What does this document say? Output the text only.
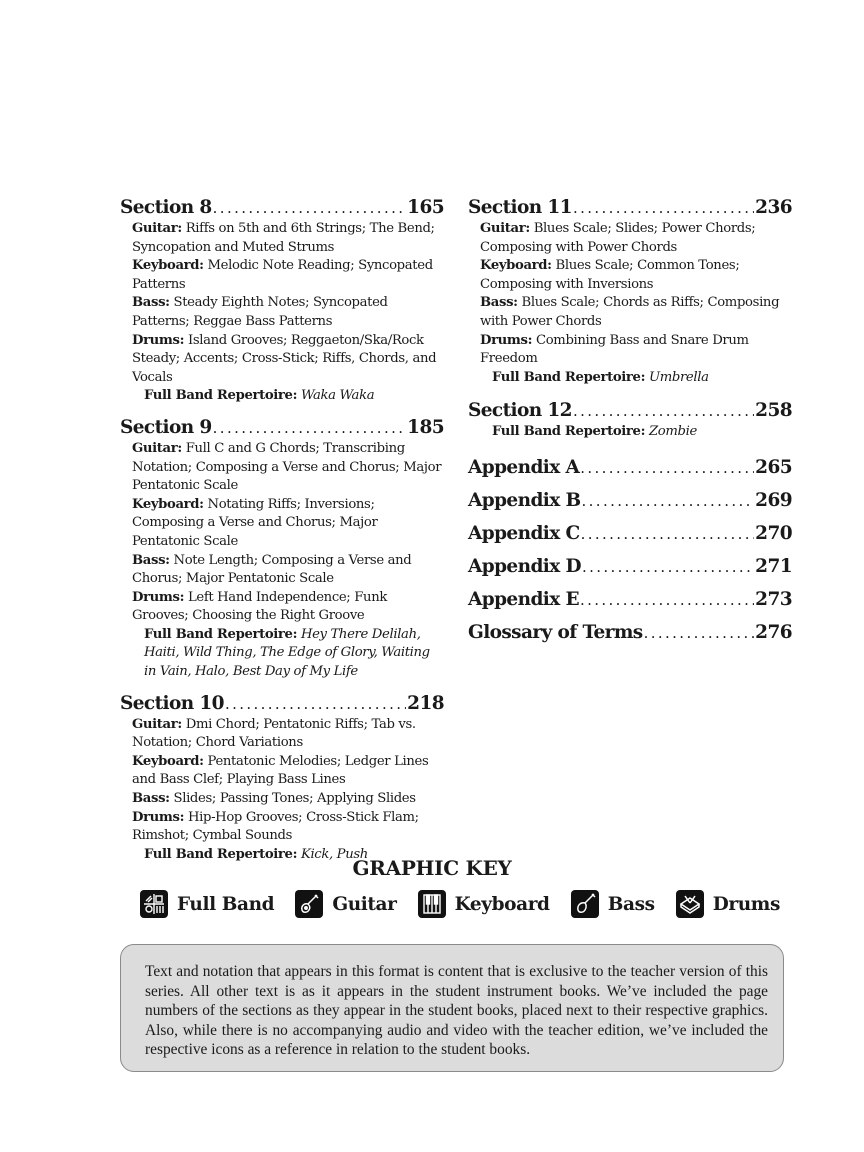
Section 8 . . .	165
Guitar: Riffs on 5th and 6th Strings; The Bend; Syncopation and Muted Strums
Keyboard: Melodic Note Reading; Syncopated Patterns
Bass: Steady Eighth Notes; Syncopated Patterns; Reggae Bass Patterns
Drums: Island Grooves; Reggaeton/Ska/Rock Steady; Accents; Cross-Stick; Riffs, Chords, and Vocals
Full Band Repertoire: Waka Waka
Section 9 . . .	185
Guitar: Full C and G Chords; Transcribing Notation; Composing a Verse and Chorus; Major Pentatonic Scale
Keyboard: Notating Riffs; Inversions; Composing a Verse and Chorus; Major Pentatonic Scale
Bass: Note Length; Composing a Verse and Chorus; Major Pentatonic Scale
Drums: Left Hand Independence; Funk Grooves; Choosing the Right Groove
Full Band Repertoire: Hey There Delilah, Haiti, Wild Thing, The Edge of Glory, Waiting in Vain, Halo, Best Day of My Life
Section 10 . . .	218
Guitar: Dmi Chord; Pentatonic Riffs; Tab vs. Notation; Chord Variations
Keyboard: Pentatonic Melodies; Ledger Lines and Bass Clef; Playing Bass Lines
Bass: Slides; Passing Tones; Applying Slides
Drums: Hip-Hop Grooves; Cross-Stick Flam; Rimshot; Cymbal Sounds
Full Band Repertoire: Kick, Push
Section 11 . . .	236
Guitar: Blues Scale; Slides; Power Chords; Composing with Power Chords
Keyboard: Blues Scale; Common Tones; Composing with Inversions
Bass: Blues Scale; Chords as Riffs; Composing with Power Chords
Drums: Combining Bass and Snare Drum Freedom
Full Band Repertoire: Umbrella
Section 12 . . .	258
Full Band Repertoire: Zombie
Appendix A . . .	265
Appendix B . . .	269
Appendix C . . .	270
Appendix D . . .	271
Appendix E . . .	273
Glossary of Terms . . .	276
GRAPHIC KEY
Full Band	Guitar	Keyboard	Bass	Drums
Text and notation that appears in this format is content that is exclusive to the teacher version of this series. All other text is as it appears in the student instrument books. We’ve included the page numbers of the sections as they appear in the student books, placed next to their respective graphics. Also, while there is no accompanying audio and video with the teacher edition, we’ve included the respective icons as a reference in relation to the student books.
